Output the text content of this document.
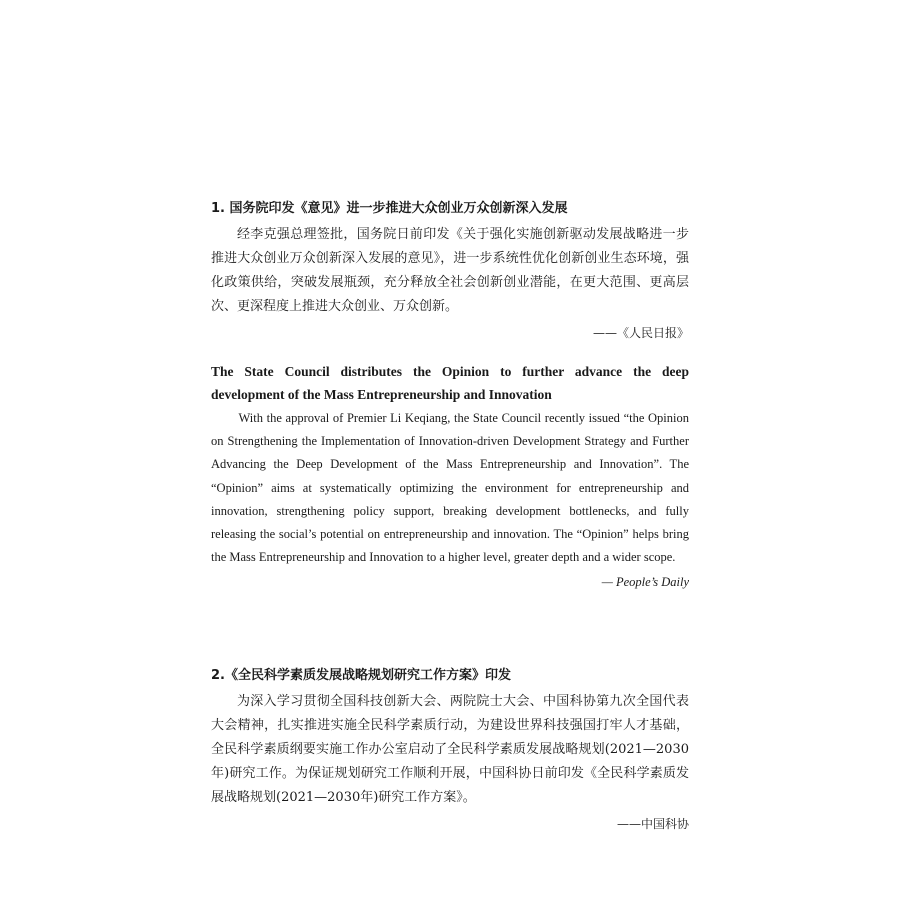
1. 国务院印发《意见》进一步推进大众创业万众创新深入发展

经李克强总理签批，国务院日前印发《关于强化实施创新驱动发展战略进一步推进大众创业万众创新深入发展的意见》，进一步系统性优化创新创业生态环境，强化政策供给，突破发展瓶颈，充分释放全社会创新创业潜能，在更大范围、更高层次、更深程度上推进大众创业、万众创新。

——《人民日报》

The State Council distributes the Opinion to further advance the deep development of the Mass Entrepreneurship and Innovation

With the approval of Premier Li Keqiang, the State Council recently issued “the Opinion on Strengthening the Implementation of Innovation-driven Development Strategy and Further Advancing the Deep Development of the Mass Entrepreneurship and Innovation”. The “Opinion” aims at systematically optimizing the environment for entrepreneurship and innovation, strengthening policy support, breaking development bottlenecks, and fully releasing the social’s potential on entrepreneurship and innovation. The “Opinion” helps bring the Mass Entrepreneurship and Innovation to a higher level, greater depth and a wider scope.

— People’s Daily

2.《全民科学素质发展战略规划研究工作方案》印发

为深入学习贯彻全国科技创新大会、两院院士大会、中国科协第九次全国代表大会精神，扎实推进实施全民科学素质行动，为建设世界科技强国打牢人才基础，全民科学素质纲要实施工作办公室启动了全民科学素质发展战略规划(2021—2030年)研究工作。为保证规划研究工作顺利开展，中国科协日前印发《全民科学素质发展战略规划(2021—2030年)研究工作方案》。

——中国科协
